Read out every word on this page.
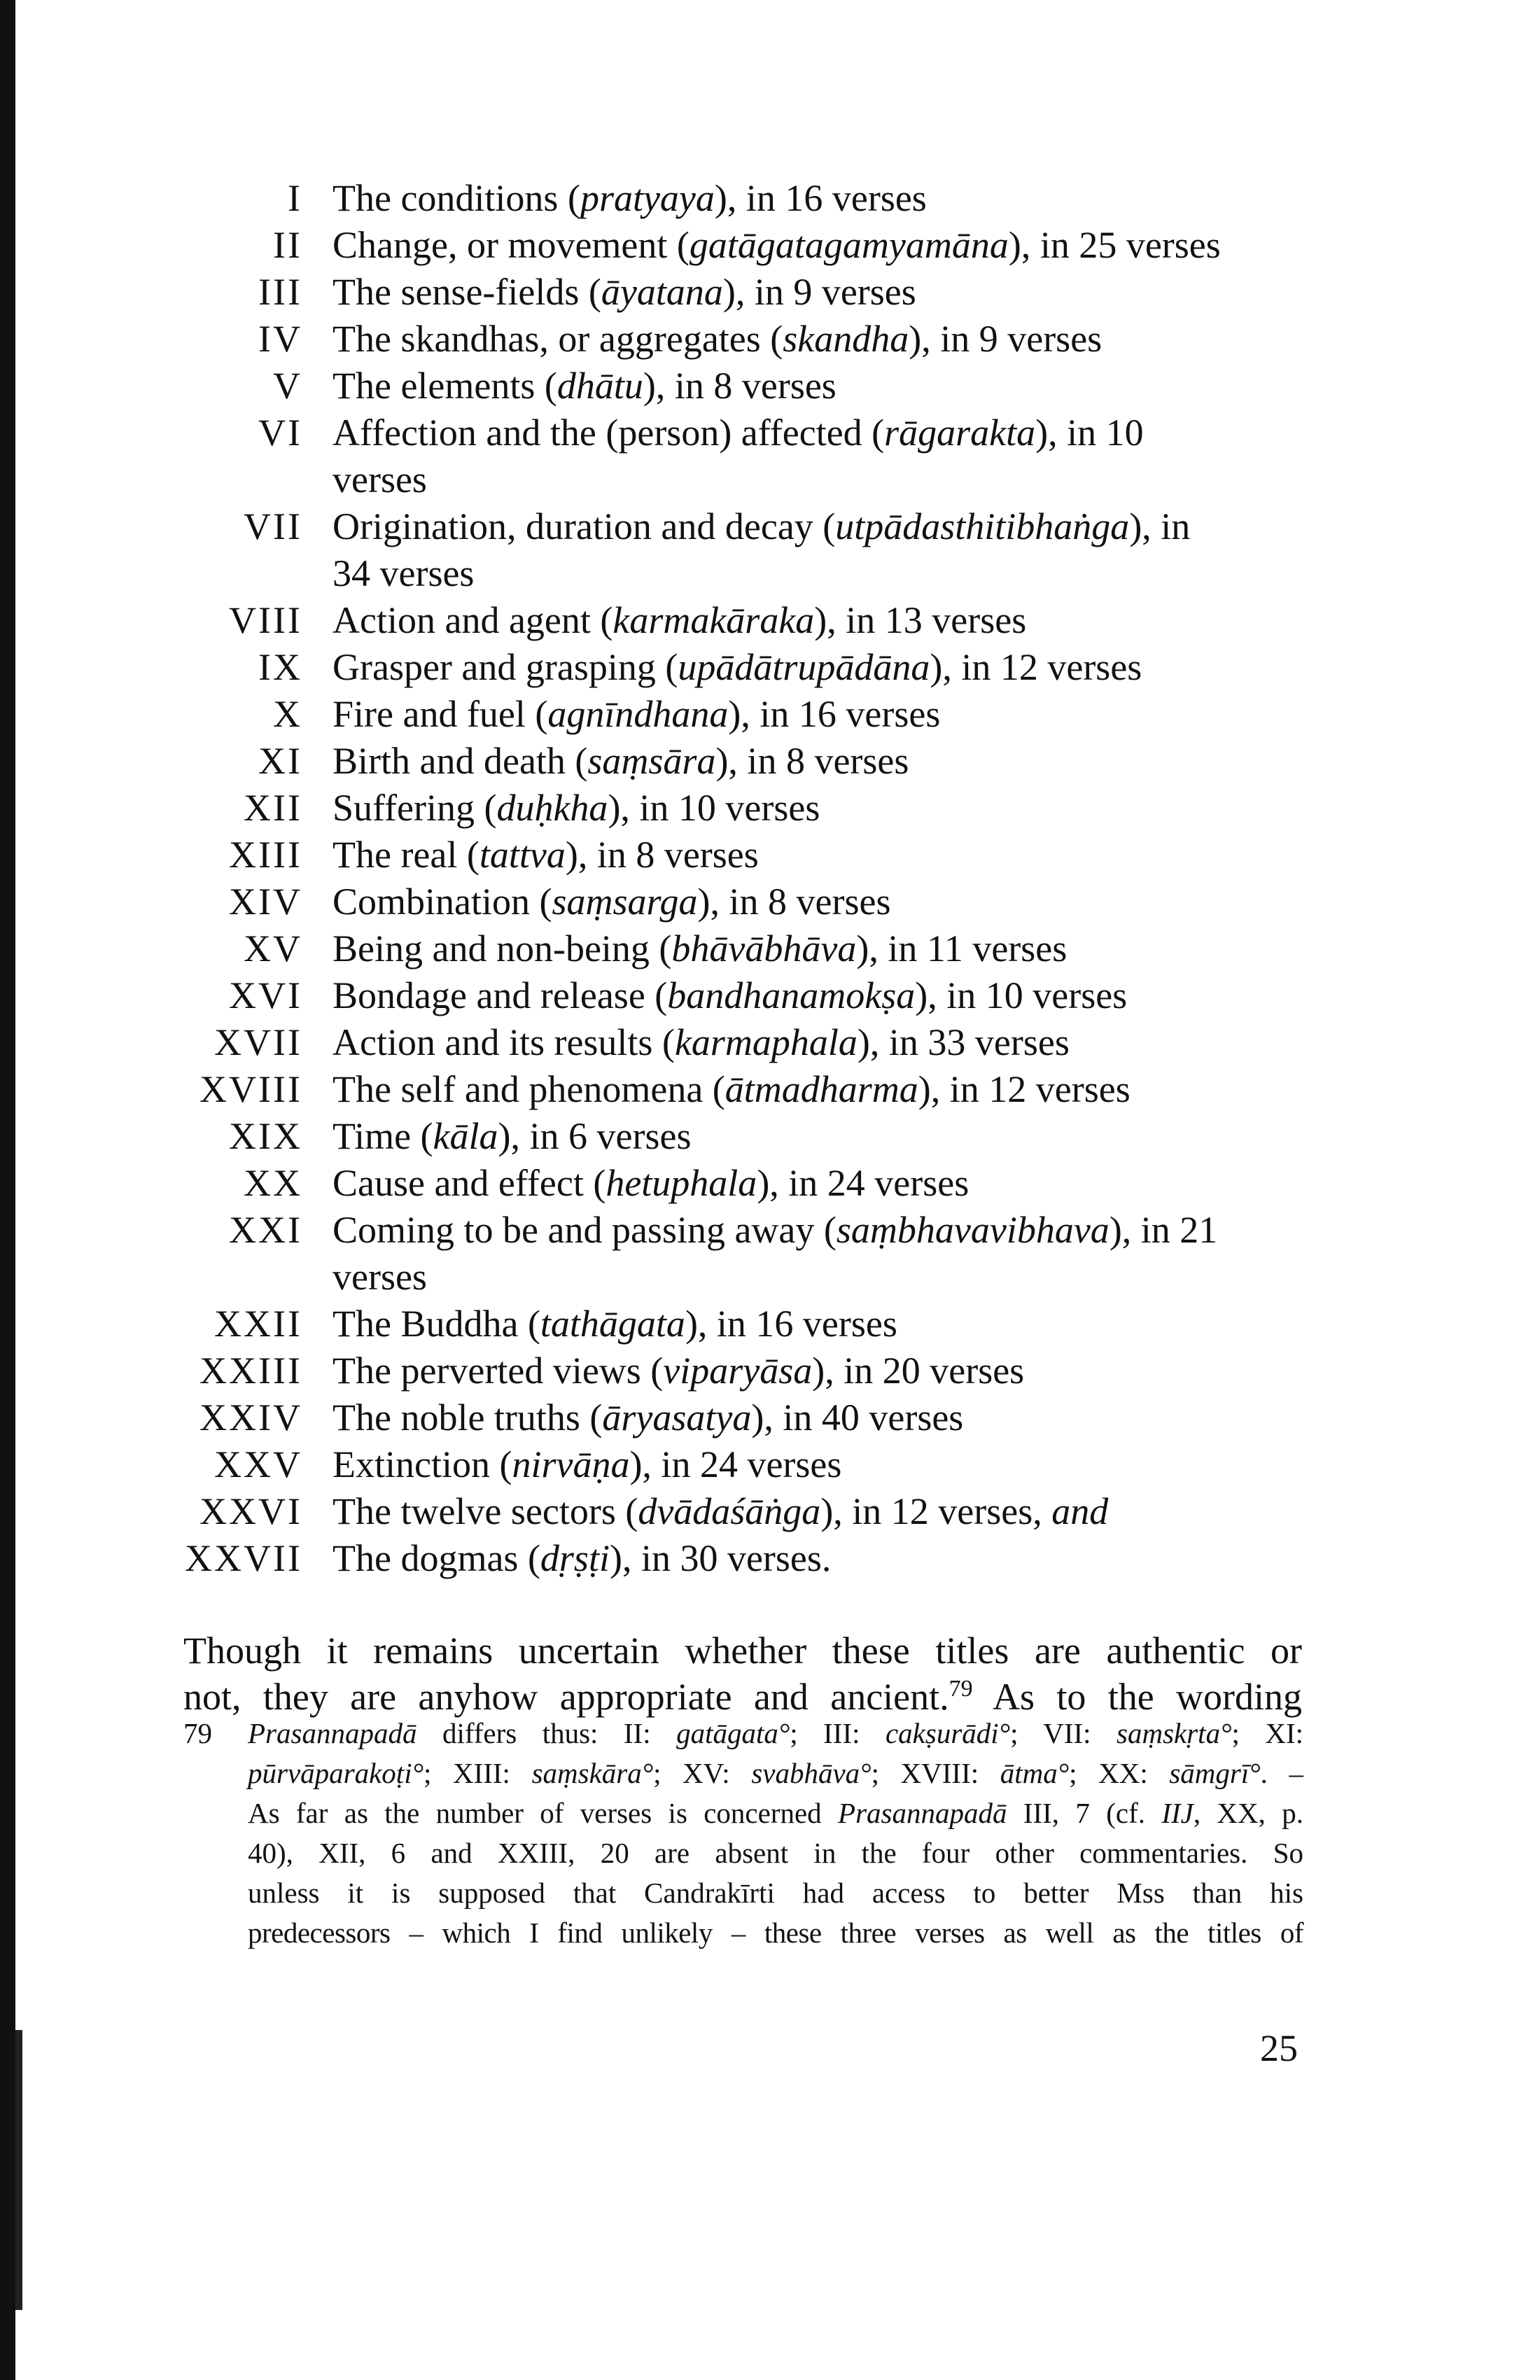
I The conditions (pratyaya), in 16 verses
II Change, or movement (gatāgatagamyamāna), in 25 verses
III The sense-fields (āyatana), in 9 verses
IV The skandhas, or aggregates (skandha), in 9 verses
V The elements (dhātu), in 8 verses
VI Affection and the (person) affected (rāgarakta), in 10
verses
VII Origination, duration and decay (utpādasthitibhaṅga), in
34 verses
VIII Action and agent (karmakāraka), in 13 verses
IX Grasper and grasping (upādātrupādāna), in 12 verses
X Fire and fuel (agnīndhana), in 16 verses
XI Birth and death (saṃsāra), in 8 verses
XII Suffering (duḥkha), in 10 verses
XIII The real (tattva), in 8 verses
XIV Combination (saṃsarga), in 8 verses
XV Being and non-being (bhāvābhāva), in 11 verses
XVI Bondage and release (bandhanamokṣa), in 10 verses
XVII Action and its results (karmaphala), in 33 verses
XVIII The self and phenomena (ātmadharma), in 12 verses
XIX Time (kāla), in 6 verses
XX Cause and effect (hetuphala), in 24 verses
XXI Coming to be and passing away (saṃbhavavibhava), in 21
verses
XXII The Buddha (tathāgata), in 16 verses
XXIII The perverted views (viparyāsa), in 20 verses
XXIV The noble truths (āryasatya), in 40 verses
XXV Extinction (nirvāṇa), in 24 verses
XXVI The twelve sectors (dvādaśāṅga), in 12 verses, and
XXVII The dogmas (dṛṣṭi), in 30 verses.
Though it remains uncertain whether these titles are authentic or
not, they are anyhow appropriate and ancient.$^{79}$ As to the wording
79 Prasannapadā differs thus: II: gatāgata°; III: cakṣurādi°; VII: saṃskṛta°; XI:
pūrvāparakoṭi°; XIII: saṃskāra°; XV: svabhāva°; XVIII: ātma°; XX: sāmgrī°. –
As far as the number of verses is concerned Prasannapadā III, 7 (cf. IIJ, XX, p.
40), XII, 6 and XXIII, 20 are absent in the four other commentaries. So
unless it is supposed that Candrakīrti had access to better Mss than his
predecessors – which I find unlikely – these three verses as well as the titles of
25
